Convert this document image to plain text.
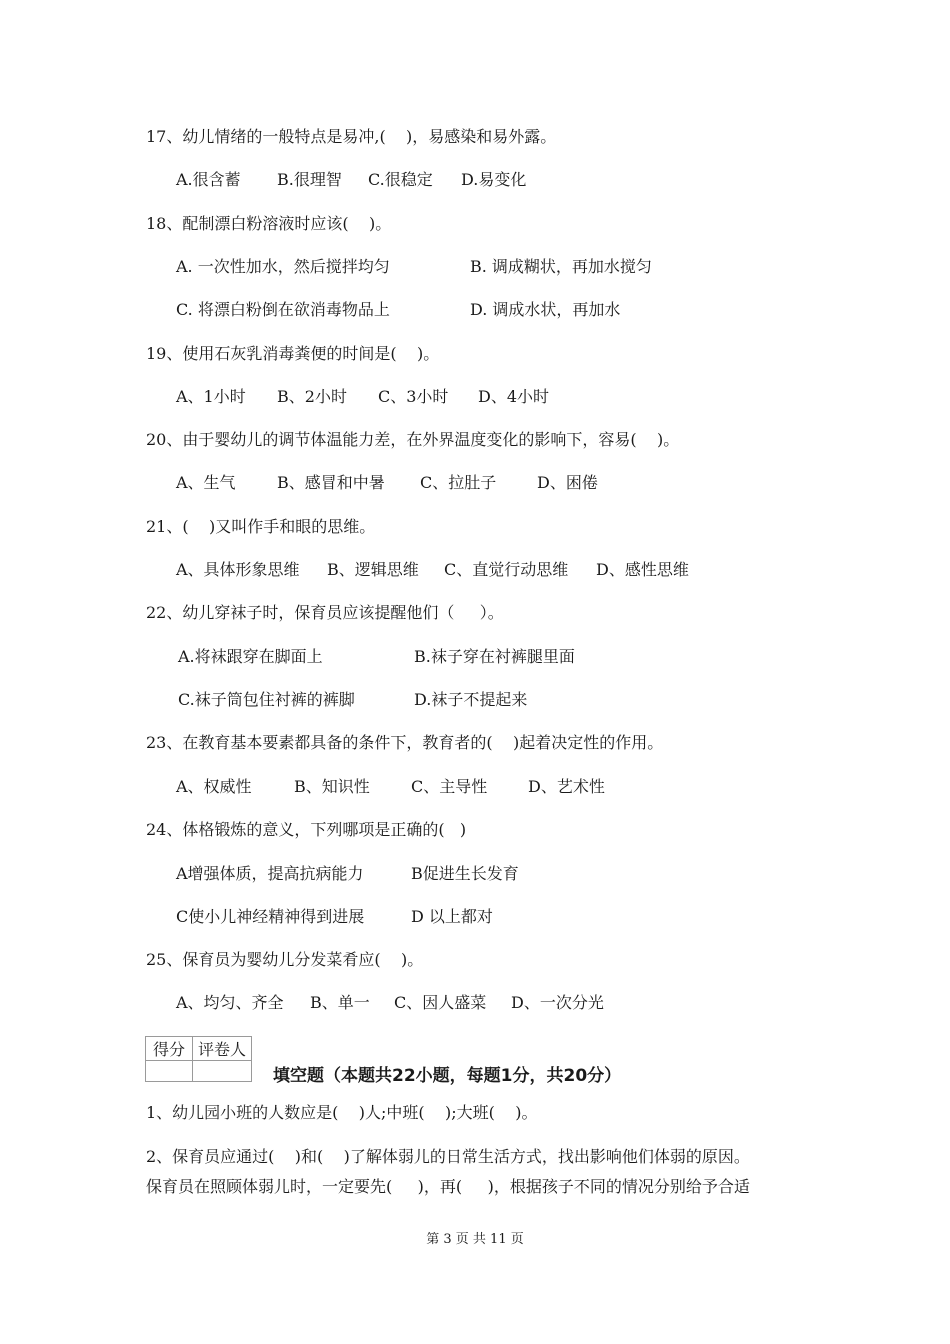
17、幼儿情绪的一般特点是易冲,(    )，易感染和易外露。
A.很含蓄 B.很理智 C.很稳定 D.易变化
18、配制漂白粉溶液时应该(    )。
A. 一次性加水，然后搅拌均匀	B. 调成糊状，再加水搅匀
C. 将漂白粉倒在欲消毒物品上	D. 调成水状，再加水
19、使用石灰乳消毒粪便的时间是(    )。
A、1小时 B、2小时 C、3小时 D、4小时
20、由于婴幼儿的调节体温能力差，在外界温度变化的影响下，容易(    )。
A、生气	B、感冒和中暑 C、拉肚子	D、困倦
21、(    )又叫作手和眼的思维。
A、具体形象思维 B、逻辑思维 C、直觉行动思维 D、感性思维
22、幼儿穿袜子时，保育员应该提醒他们（     ）。
A.将袜跟穿在脚面上	B.袜子穿在衬裤腿里面
C.袜子筒包住衬裤的裤脚	D.袜子不提起来
23、在教育基本要素都具备的条件下，教育者的(    )起着决定性的作用。
A、权威性	B、知识性	C、主导性	D、艺术性
24、体格锻炼的意义，下列哪项是正确的(   )
A增强体质，提高抗病能力	B促进生长发育
C使小儿神经精神得到进展	D 以上都对
25、保育员为婴幼儿分发菜肴应(    )。
A、均匀、齐全 B、单一 C、因人盛菜 D、一次分光
得分	评卷人

填空题（本题共22小题，每题1分，共20分）
1、幼儿园小班的人数应是(    )人;中班(    );大班(    )。
2、保育员应通过(    )和(    )了解体弱儿的日常生活方式，找出影响他们体弱的原因。
保育员在照顾体弱儿时，一定要先(     )，再(     )，根据孩子不同的情况分别给予合适
第 3 页 共 11 页
